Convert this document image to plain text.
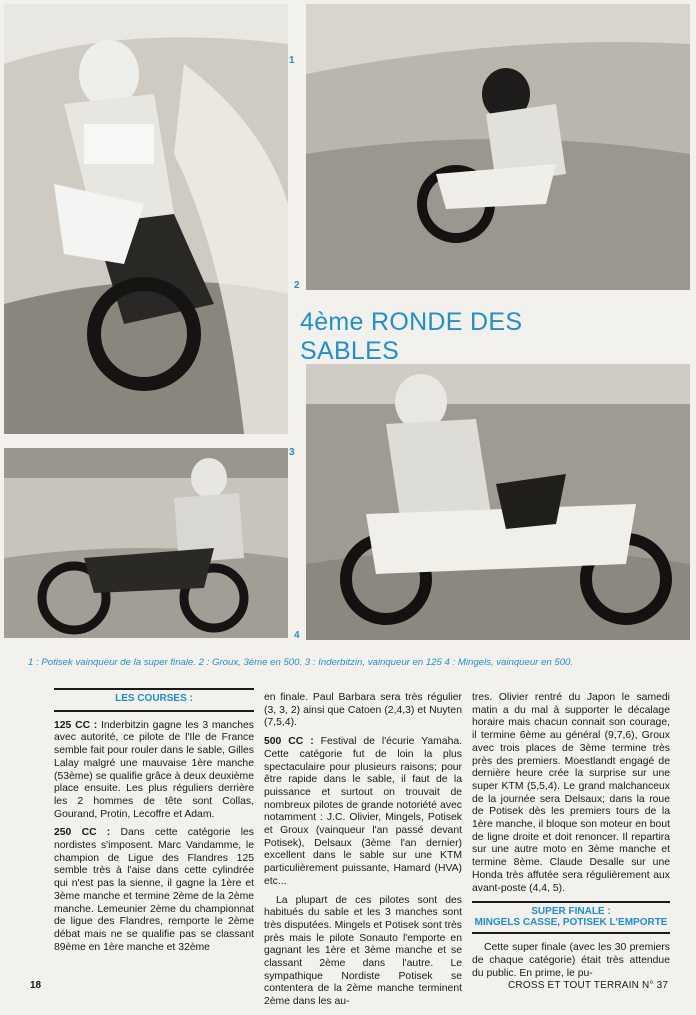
1
2
3
4
4ème RONDE DES SABLES
1 : Potisek vainqueur de la super finale. 2 : Groux, 3ème en 500. 3 : Inderbitzin, vainqueur en 125 4 : Mingels, vainqueur en 500.
LES COURSES :

125 CC : Inderbitzin gagne les 3 manches avec autorité, ce pilote de l'Ile de France semble fait pour rouler dans le sable, Gilles Lalay malgré une mauvaise 1ère manche (53ème) se qualifie grâce à deux deuxième place ensuite. Les plus réguliers derrière les 2 hommes de tête sont Collas, Gourand, Protin, Lecoffre et Adam.

250 CC : Dans cette catégorie les nordistes s'imposent. Marc Vandamme, le champion de Ligue des Flandres 125 semble très à l'aise dans cette cylindrée qui n'est pas la sienne, il gagne la 1ère et 3ème manche et termine 2ème de la 2ème manche. Lemeunier 2ème du championnat de ligue des Flandres, remporte le 2ème débat mais ne se qualifie pas se classant 89ème en 1ère manche et 32ème

en finale. Paul Barbara sera très régulier (3, 3, 2) ainsi que Catoen (2,4,3) et Nuyten (7,5,4).

500 CC : Festival de l'écurie Yamaha. Cette catégorie fut de loin la plus spectaculaire pour plusieurs raisons; pour être rapide dans le sable, il faut de la puissance et surtout on trouvait de nombreux pilotes de grande notoriété avec notamment : J.C. Olivier, Mingels, Potisek et Groux (vainqueur l'an passé devant Potisek), Delsaux (3ème l'an dernier) excellent dans le sable sur une KTM particulièrement puissante, Hamard (HVA) etc...

La plupart de ces pilotes sont des habitués du sable et les 3 manches sont très disputées. Mingels et Potisek sont très près mais le pilote Sonauto l'emporte en gagnant les 1ère et 3ème manche et se classant 2ème dans l'autre. Le sympathique Nordiste Potisek se contentera de la 2ème manche terminent 2ème dans les au-

tres. Olivier rentré du Japon le samedi matin a du mal à supporter le décalage horaire mais chacun connait son courage, il termine 6ème au général (9,7,6), Groux avec trois places de 3ème termine très près des premiers. Moestlandt engagé de dernière heure crée la surprise sur une super KTM (5,5,4). Le grand malchanceux de la journée sera Delsaux; dans la roue de Potisek dès les premiers tours de la 1ère manche, il bloque son moteur en bout de ligne droite et doit renoncer. Il repartira sur une autre moto en 3ème manche et termine 8ème. Claude Desalle sur une Honda très affutée sera régulièrement aux avant-poste (4,4, 5).

SUPER FINALE :
MINGELS CASSE, POTISEK L'EMPORTE

Cette super finale (avec les 30 premiers de chaque catégorie) était très attendue du public. En prime, le pu-

18	CROSS ET TOUT TERRAIN N° 37
